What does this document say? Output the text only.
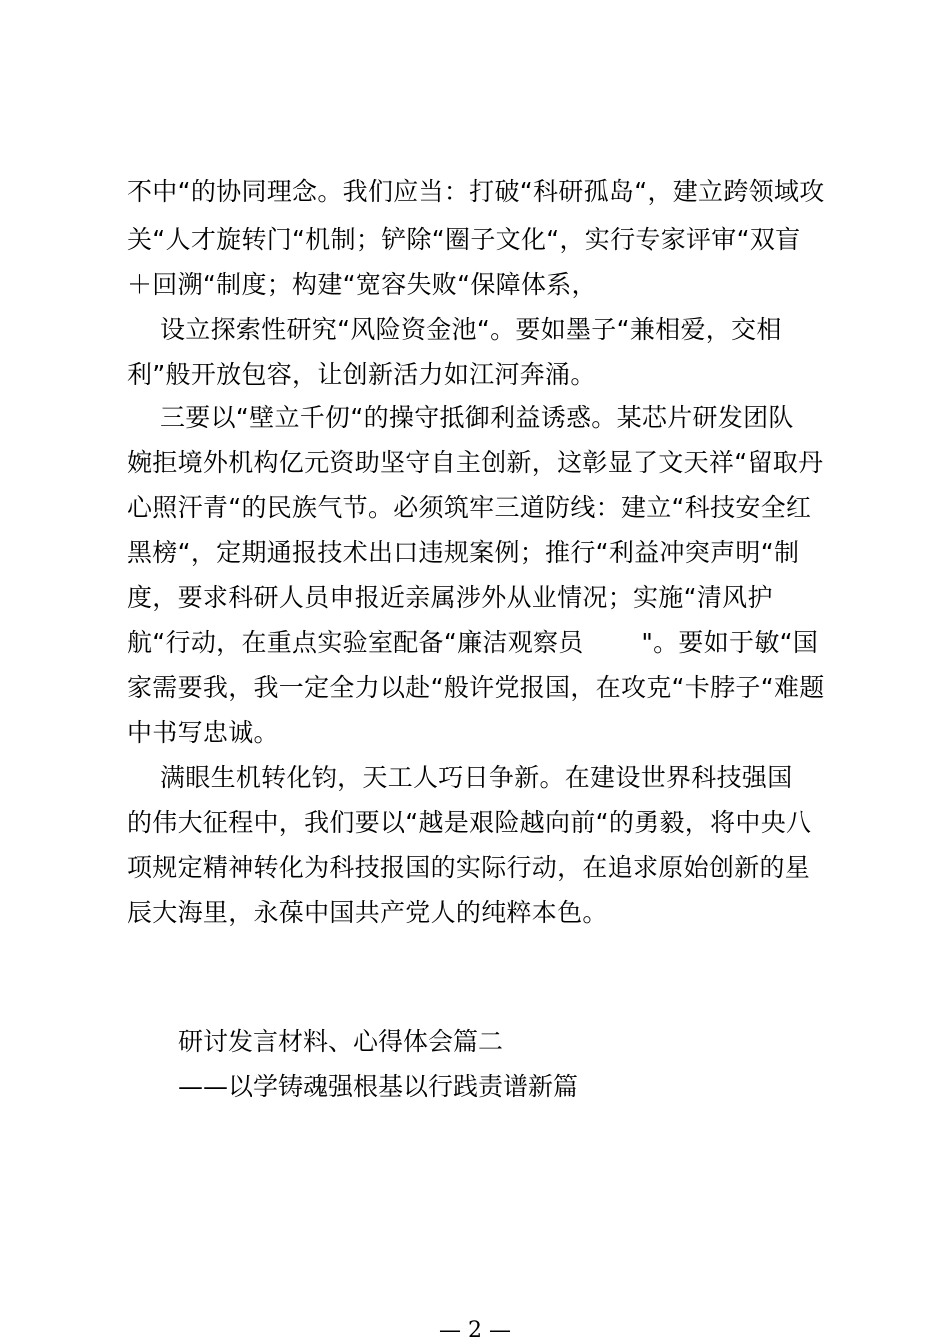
不中“的协同理念。我们应当：打破“科研孤岛“，建立跨领域攻
关“人才旋转门“机制；铲除“圈子文化“，实行专家评审“双盲
＋回溯“制度；构建“宽容失败“保障体系，
设立探索性研究“风险资金池“。要如墨子“兼相爱，交相
利”般开放包容，让创新活力如江河奔涌。
三要以“壁立千仞“的操守抵御利益诱惑。某芯片研发团队
婉拒境外机构亿元资助坚守自主创新，这彰显了文天祥“留取丹
心照汗青“的民族气节。必须筑牢三道防线：建立“科技安全红
黑榜“，定期通报技术出口违规案例；推行“利益冲突声明“制
度，要求科研人员申报近亲属涉外从业情况；实施“清风护
航“行动，在重点实验室配备“廉洁观察员       "。要如于敏“国
家需要我，我一定全力以赴“般许党报国，在攻克“卡脖子“难题
中书写忠诚。
满眼生机转化钧，天工人巧日争新。在建设世界科技强国
的伟大征程中，我们要以“越是艰险越向前“的勇毅，将中央八
项规定精神转化为科技报国的实际行动，在追求原始创新的星
辰大海里，永葆中国共产党人的纯粹本色。
研讨发言材料、心得体会篇二
——以学铸魂强根基以行践责谱新篇
— 2 —
